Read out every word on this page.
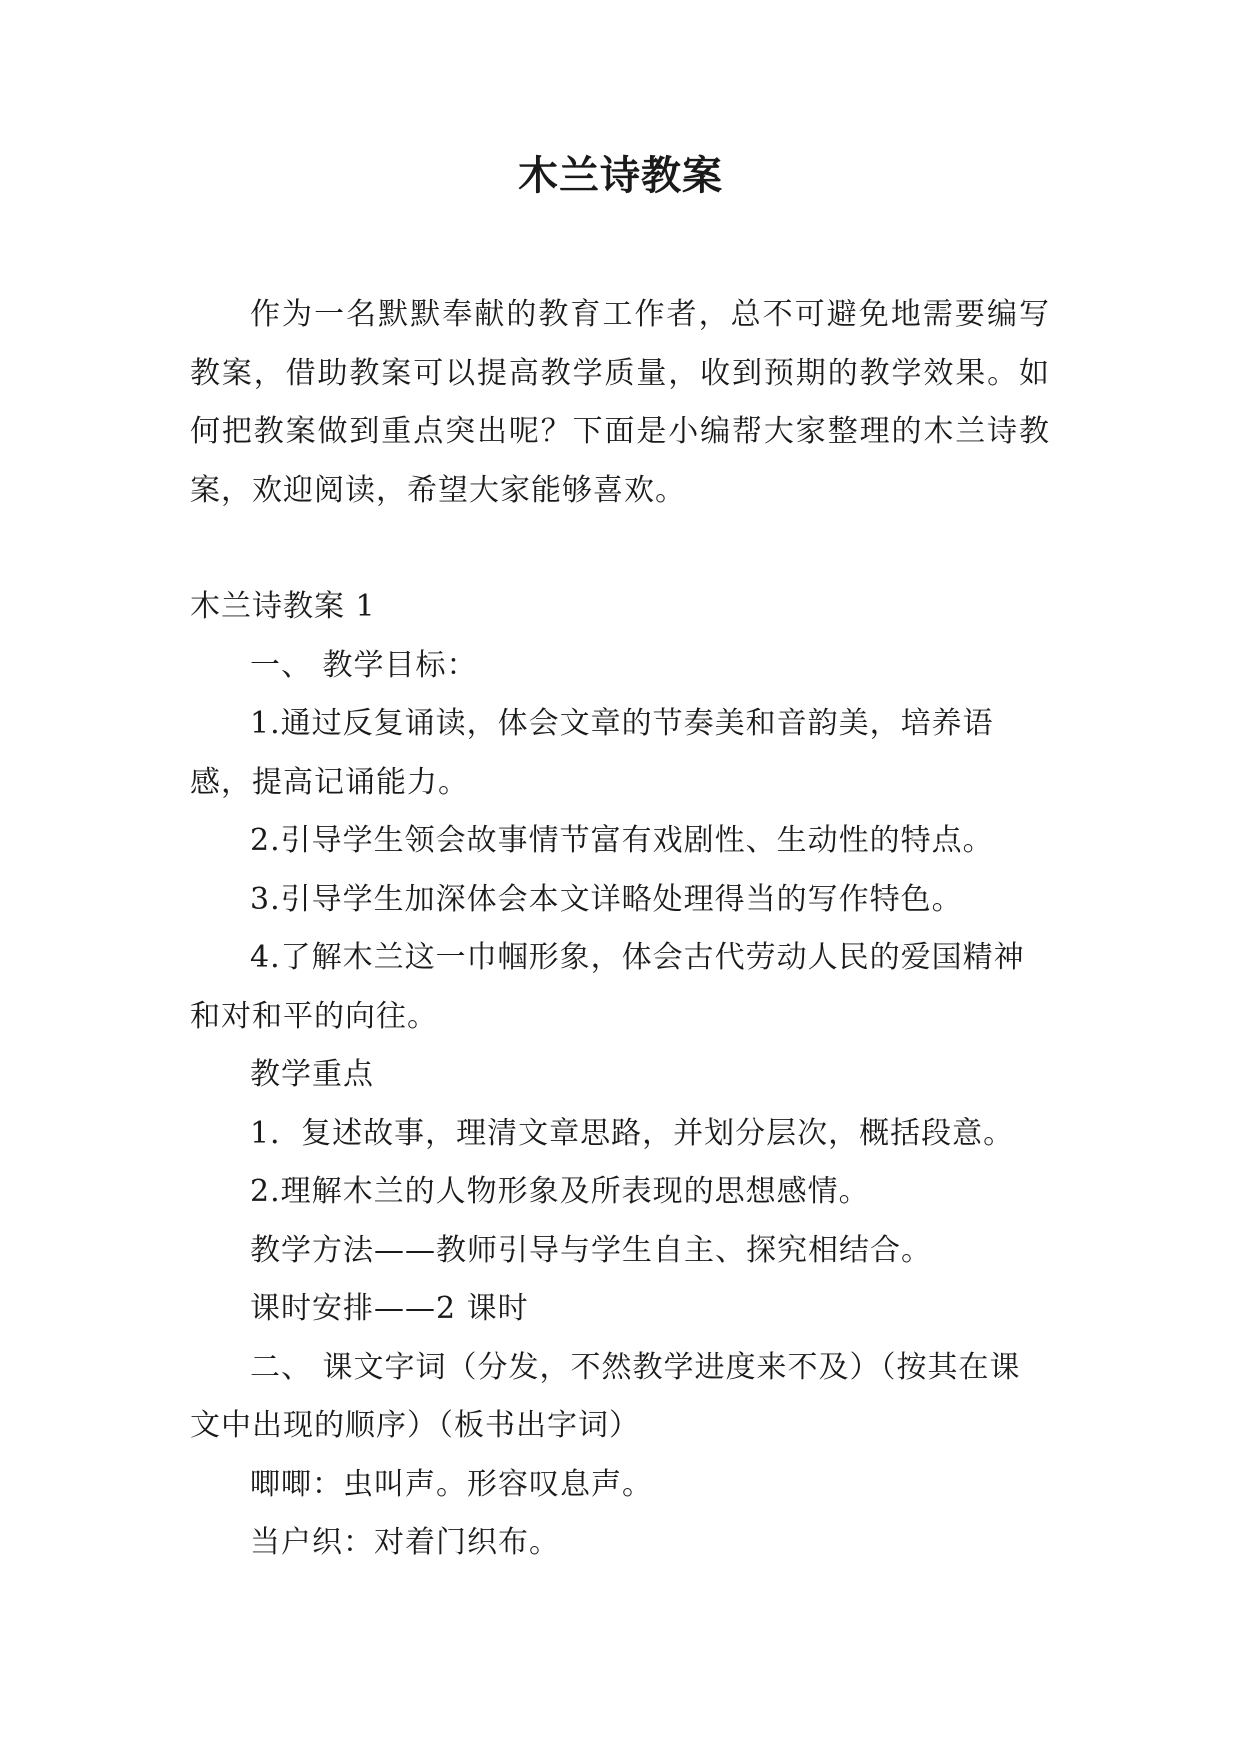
木兰诗教案

作为一名默默奉献的教育工作者，总不可避免地需要编写教案，借助教案可以提高教学质量，收到预期的教学效果。如何把教案做到重点突出呢？下面是小编帮大家整理的木兰诗教案，欢迎阅读，希望大家能够喜欢。

木兰诗教案 1

一、 教学目标：

1.通过反复诵读，体会文章的节奏美和音韵美，培养语感，提高记诵能力。

2.引导学生领会故事情节富有戏剧性、生动性的特点。

3.引导学生加深体会本文详略处理得当的写作特色。

4.了解木兰这一巾帼形象，体会古代劳动人民的爱国精神和对和平的向往。

教学重点

1．复述故事，理清文章思路，并划分层次，概括段意。

2.理解木兰的人物形象及所表现的思想感情。

教学方法——教师引导与学生自主、探究相结合。

课时安排——2 课时

二、 课文字词（分发，不然教学进度来不及）（按其在课文中出现的顺序）（板书出字词）

唧唧：虫叫声。形容叹息声。

当户织：对着门织布。
